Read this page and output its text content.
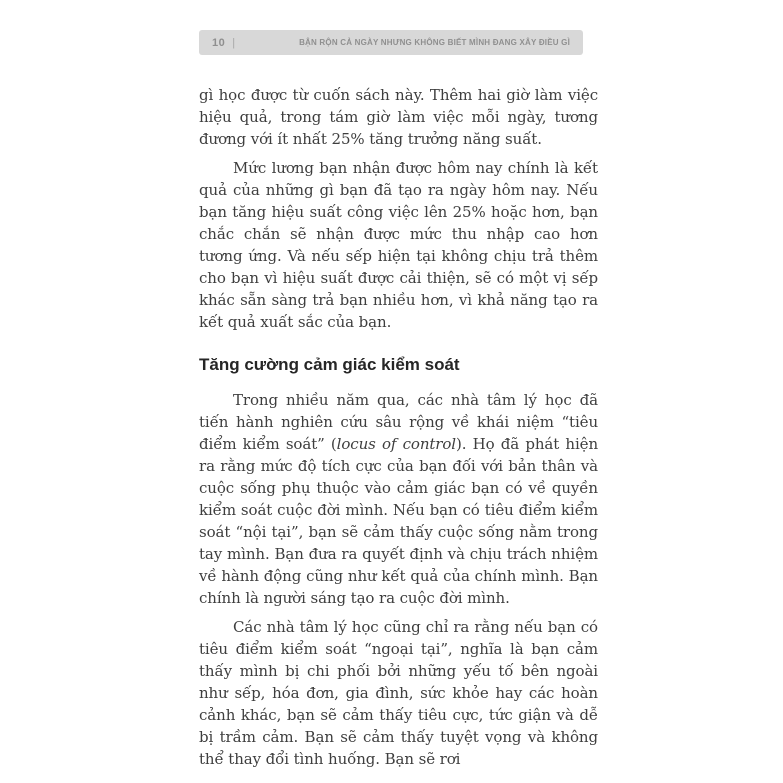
10 |	BẬN RỘN CẢ NGÀY NHƯNG KHÔNG BIẾT MÌNH ĐANG XÂY ĐIỀU GÌ

gì học được từ cuốn sách này. Thêm hai giờ làm việc hiệu quả, trong tám giờ làm việc mỗi ngày, tương đương với ít nhất 25% tăng trưởng năng suất.

Mức lương bạn nhận được hôm nay chính là kết quả của những gì bạn đã tạo ra ngày hôm nay. Nếu bạn tăng hiệu suất công việc lên 25% hoặc hơn, bạn chắc chắn sẽ nhận được mức thu nhập cao hơn tương ứng. Và nếu sếp hiện tại không chịu trả thêm cho bạn vì hiệu suất được cải thiện, sẽ có một vị sếp khác sẵn sàng trả bạn nhiều hơn, vì khả năng tạo ra kết quả xuất sắc của bạn.

Tăng cường cảm giác kiểm soát

Trong nhiều năm qua, các nhà tâm lý học đã tiến hành nghiên cứu sâu rộng về khái niệm “tiêu điểm kiểm soát” (locus of control). Họ đã phát hiện ra rằng mức độ tích cực của bạn đối với bản thân và cuộc sống phụ thuộc vào cảm giác bạn có về quyền kiểm soát cuộc đời mình. Nếu bạn có tiêu điểm kiểm soát “nội tại”, bạn sẽ cảm thấy cuộc sống nằm trong tay mình. Bạn đưa ra quyết định và chịu trách nhiệm về hành động cũng như kết quả của chính mình. Bạn chính là người sáng tạo ra cuộc đời mình.

Các nhà tâm lý học cũng chỉ ra rằng nếu bạn có tiêu điểm kiểm soát “ngoại tại”, nghĩa là bạn cảm thấy mình bị chi phối bởi những yếu tố bên ngoài như sếp, hóa đơn, gia đình, sức khỏe hay các hoàn cảnh khác, bạn sẽ cảm thấy tiêu cực, tức giận và dễ bị trầm cảm. Bạn sẽ cảm thấy tuyệt vọng và không thể thay đổi tình huống. Bạn sẽ rơi
